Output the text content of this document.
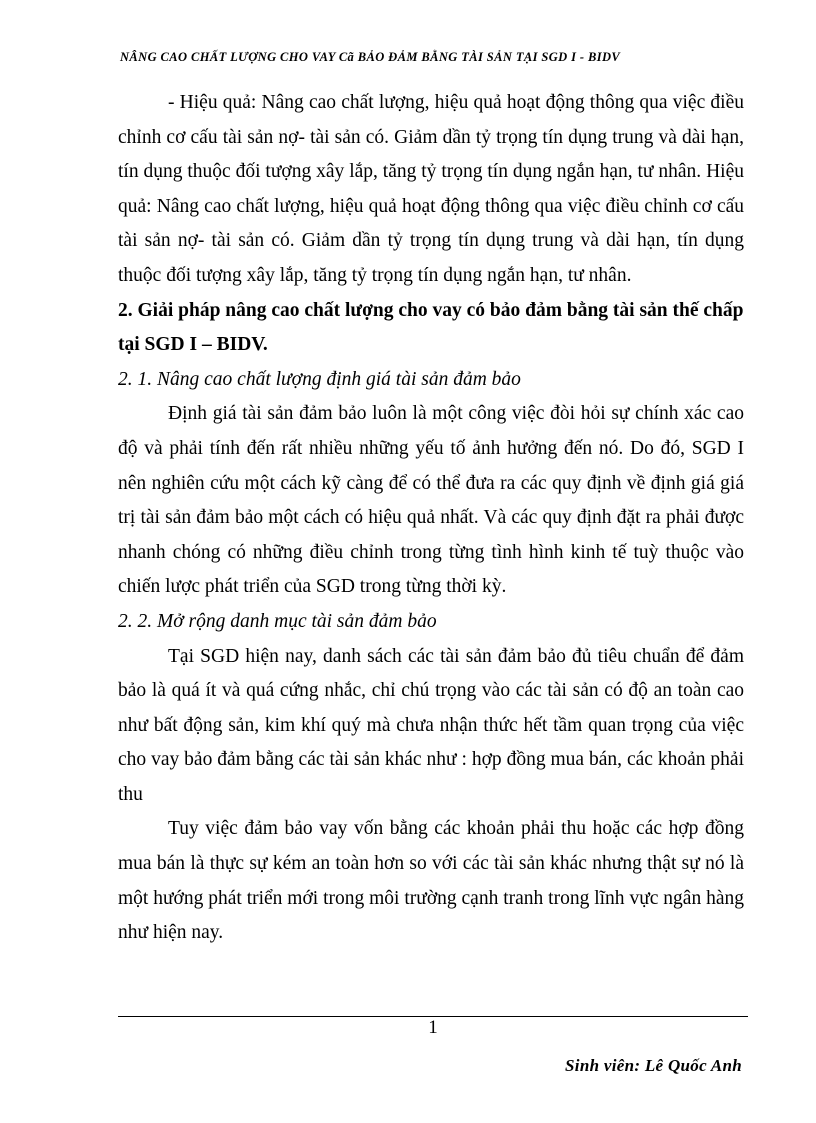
NÂNG CAO CHẤT LƯỢNG CHO VAY Cã BẢO ĐẢM BẰNG TÀI SẢN TẠI SGD I - BIDV

- Hiệu quả: Nâng cao chất lượng, hiệu quả hoạt động thông qua việc điều chỉnh cơ cấu tài sản nợ- tài sản có. Giảm dần tỷ trọng tín dụng trung và dài hạn, tín dụng thuộc đối tượng xây lắp, tăng tỷ trọng tín dụng ngắn hạn, tư nhân. Hiệu quả: Nâng cao chất lượng, hiệu quả hoạt động thông qua việc điều chỉnh cơ cấu tài sản nợ- tài sản có. Giảm dần tỷ trọng tín dụng trung và dài hạn, tín dụng thuộc đối tượng xây lắp, tăng tỷ trọng tín dụng ngắn hạn, tư nhân.

2. Giải pháp nâng cao chất lượng cho vay có bảo đảm bằng tài sản thế chấp tại SGD I – BIDV.

2. 1. Nâng cao chất lượng định giá tài sản đảm bảo

Định giá tài sản đảm bảo luôn là một công việc đòi hỏi sự chính xác cao độ và phải tính đến rất nhiều những yếu tố ảnh hưởng đến nó. Do đó, SGD I nên nghiên cứu một cách kỹ càng để có thể đưa ra các quy định về định giá giá trị tài sản đảm bảo một cách có hiệu quả nhất. Và các quy định đặt ra phải được nhanh chóng có những điều chỉnh trong từng tình hình kinh tế tuỳ thuộc vào chiến lược phát triển của SGD trong từng thời kỳ.

2. 2. Mở rộng danh mục tài sản đảm bảo

Tại SGD hiện nay, danh sách các tài sản đảm bảo đủ tiêu chuẩn để đảm bảo là quá ít và quá cứng nhắc, chỉ chú trọng vào các tài sản có độ an toàn cao như bất động sản, kim khí quý mà chưa nhận thức hết tầm quan trọng của việc cho vay bảo đảm bằng các tài sản khác như : hợp đồng mua bán, các khoản phải thu

Tuy việc đảm bảo vay vốn bằng các khoản phải thu hoặc các hợp đồng mua bán là thực sự kém an toàn hơn so với các tài sản khác nhưng thật sự nó là một hướng phát triển mới trong môi trường cạnh tranh trong lĩnh vực ngân hàng như hiện nay.

1
Sinh viên: Lê Quốc Anh
